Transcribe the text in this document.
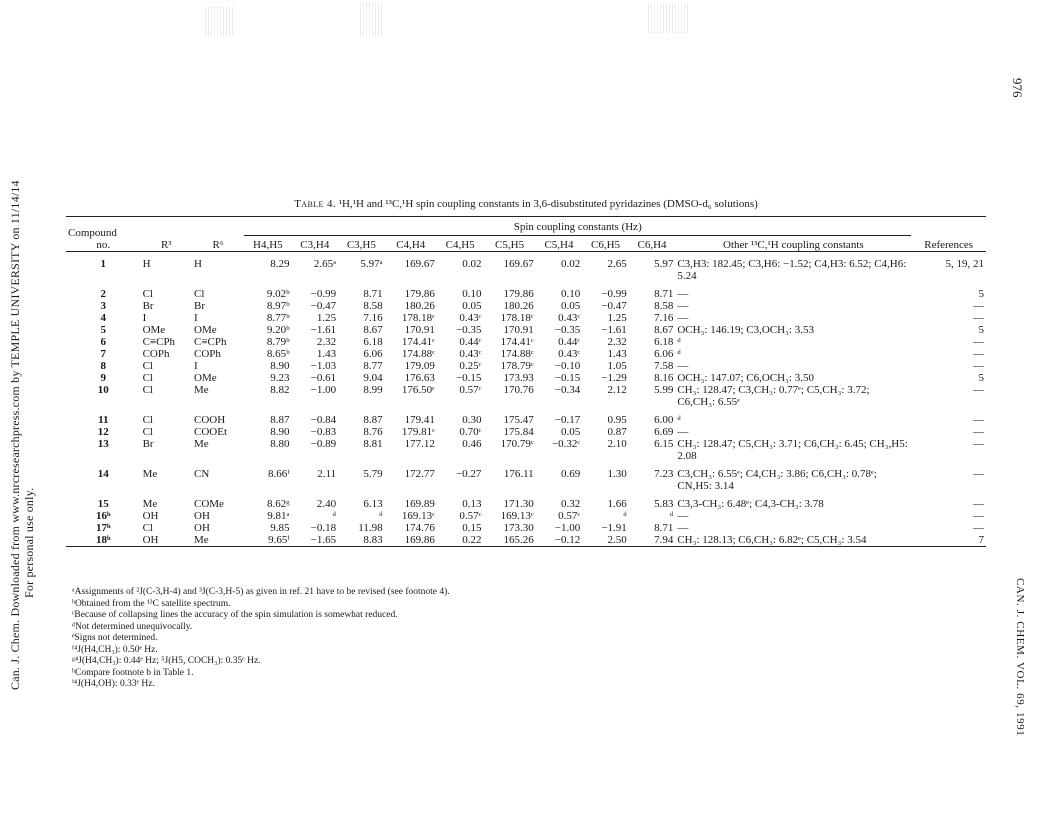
Can. J. Chem. Downloaded from www.nrcresearchpress.com by TEMPLE UNIVERSITY on 11/14/14 For personal use only.
976
CAN. J. CHEM. VOL. 69, 1991
Table 4. ¹H,¹H and ¹³C,¹H spin coupling constants in 3,6-disubstituted pyridazines (DMSO-d₆ solutions)
Compound
no.	R³	R⁶	Spin coupling constants (Hz)										References
			H4,H5	C3,H4	C3,H5	C4,H4	C4,H5	C5,H5	C5,H4	C6,H5	C6,H4	Other ¹³C,¹H coupling constants	

1	H	H	8.29	2.65ᵃ	5.97ᵃ	169.67	0.02	169.67	0.02	2.65	5.97	C3,H3: 182.45; C3,H6: −1.52; C4,H3: 6.52; C4,H6: 5.24	5, 19, 21
2	Cl	Cl	9.02ᵇ	−0.99	8.71	179.86	0.10	179.86	0.10	−0.99	8.71	—	5
3	Br	Br	8.97ᵇ	−0.47	8.58	180.26	0.05	180.26	0.05	−0.47	8.58	—	—
4	I	I	8.77ᵇ	1.25	7.16	178.18ᶜ	0.43ᶜ	178.18ᶜ	0.43ᶜ	1.25	7.16	—	—
5	OMe	OMe	9.20ᵇ	−1.61	8.67	170.91	−0.35	170.91	−0.35	−1.61	8.67	OCH₃: 146.19; C3,OCH₃: 3.53	5
6	C≡CPh	C≡CPh	8.79ᵇ	2.32	6.18	174.41ᶜ	0.44ᶜ	174.41ᶜ	0.44ᶜ	2.32	6.18	ᵈ	—
7	COPh	COPh	8.65ᵇ	1.43	6.06	174.88ᶜ	0.43ᶜ	174.88ᶜ	0.43ᶜ	1.43	6.06	ᵈ	—
8	Cl	I	8.90	−1.03	8.77	179.09	0.25ᶜ	178.79ᶜ	−0.10	1.05	7.58	—	—
9	Cl	OMe	9.23	−0.61	9.04	176.63	−0.15	173.93	−0.15	−1.29	8.16	OCH₃: 147.07; C6,OCH₃: 3.50	5
10	Cl	Me	8.82	−1.00	8.99	176.50ᶜ	0.57ᶜ	170.76	−0.34	2.12	5.99	CH₃: 128.47; C3,CH₃: 0.77ᵉ; C5,CH₃: 3.72; C6,CH₃: 6.55ᵉ	—
11	Cl	COOH	8.87	−0.84	8.87	179.41	0.30	175.47	−0.17	0.95	6.00	ᵈ	—
12	Cl	COOEt	8.90	−0.83	8.76	179.81ᶜ	0.70ᶜ	175.84	0.05	0.87	6.69	—	—
13	Br	Me	8.80	−0.89	8.81	177.12	0.46	170.79ᶜ	−0.32ᶜ	2.10	6.15	CH₃: 128.47; C5,CH₃: 3.71; C6,CH₃: 6.45; CH₃,H5: 2.08	—
14	Me	CN	8.66ᶠ	2.11	5.79	172.77	−0.27	176.11	0.69	1.30	7.23	C3,CH₃: 6.55ᵉ; C4,CH₃: 3.86; C6,CH₃: 0.78ᵉ; CN,H5: 3.14	—
15	Me	COMe	8.62ᵍ	2.40	6.13	169.89	0.13	171.30	0.32	1.66	5.83	C3,3-CH₃: 6.48ᵉ; C4,3-CH₃: 3.78	—
16ʰ	OH	OH	9.81ᵃ	ᵈ	ᵈ	169.13ᶜ	0.57ᶜ	169.13ᶜ	0.57ᶜ	ᵈ	ᵈ	—	—
17ʰ	Cl	OH	9.85	−0.18	11.98	174.76	0.15	173.30	−1.00	−1.91	8.71	—	—
18ʰ	OH	Me	9.65ⁱ	−1.65	8.83	169.86	0.22	165.26	−0.12	2.50	7.94	CH₃: 128.13; C6,CH₃: 6.82ᵉ; C5,CH₃: 3.54	7

ᵃAssignments of ²J(C-3,H-4) and ³J(C-3,H-5) as given in ref. 21 have to be revised (see footnote 4).
ᵇObtained from the ¹³C satellite spectrum.
ᶜBecause of collapsing lines the accuracy of the spin simulation is somewhat reduced.
ᵈNot determined unequivocally.
ᵉSigns not determined.
ᶠ⁴J(H4,CH₃): 0.50ᵉ Hz.
ᵍ⁴J(H4,CH₃): 0.44ᵉ Hz; ⁵J(H5, COCH₃): 0.35ᵉ Hz.
ʰCompare footnote b in Table 1.
ⁱ⁴J(H4,OH): 0.33ᵉ Hz.
